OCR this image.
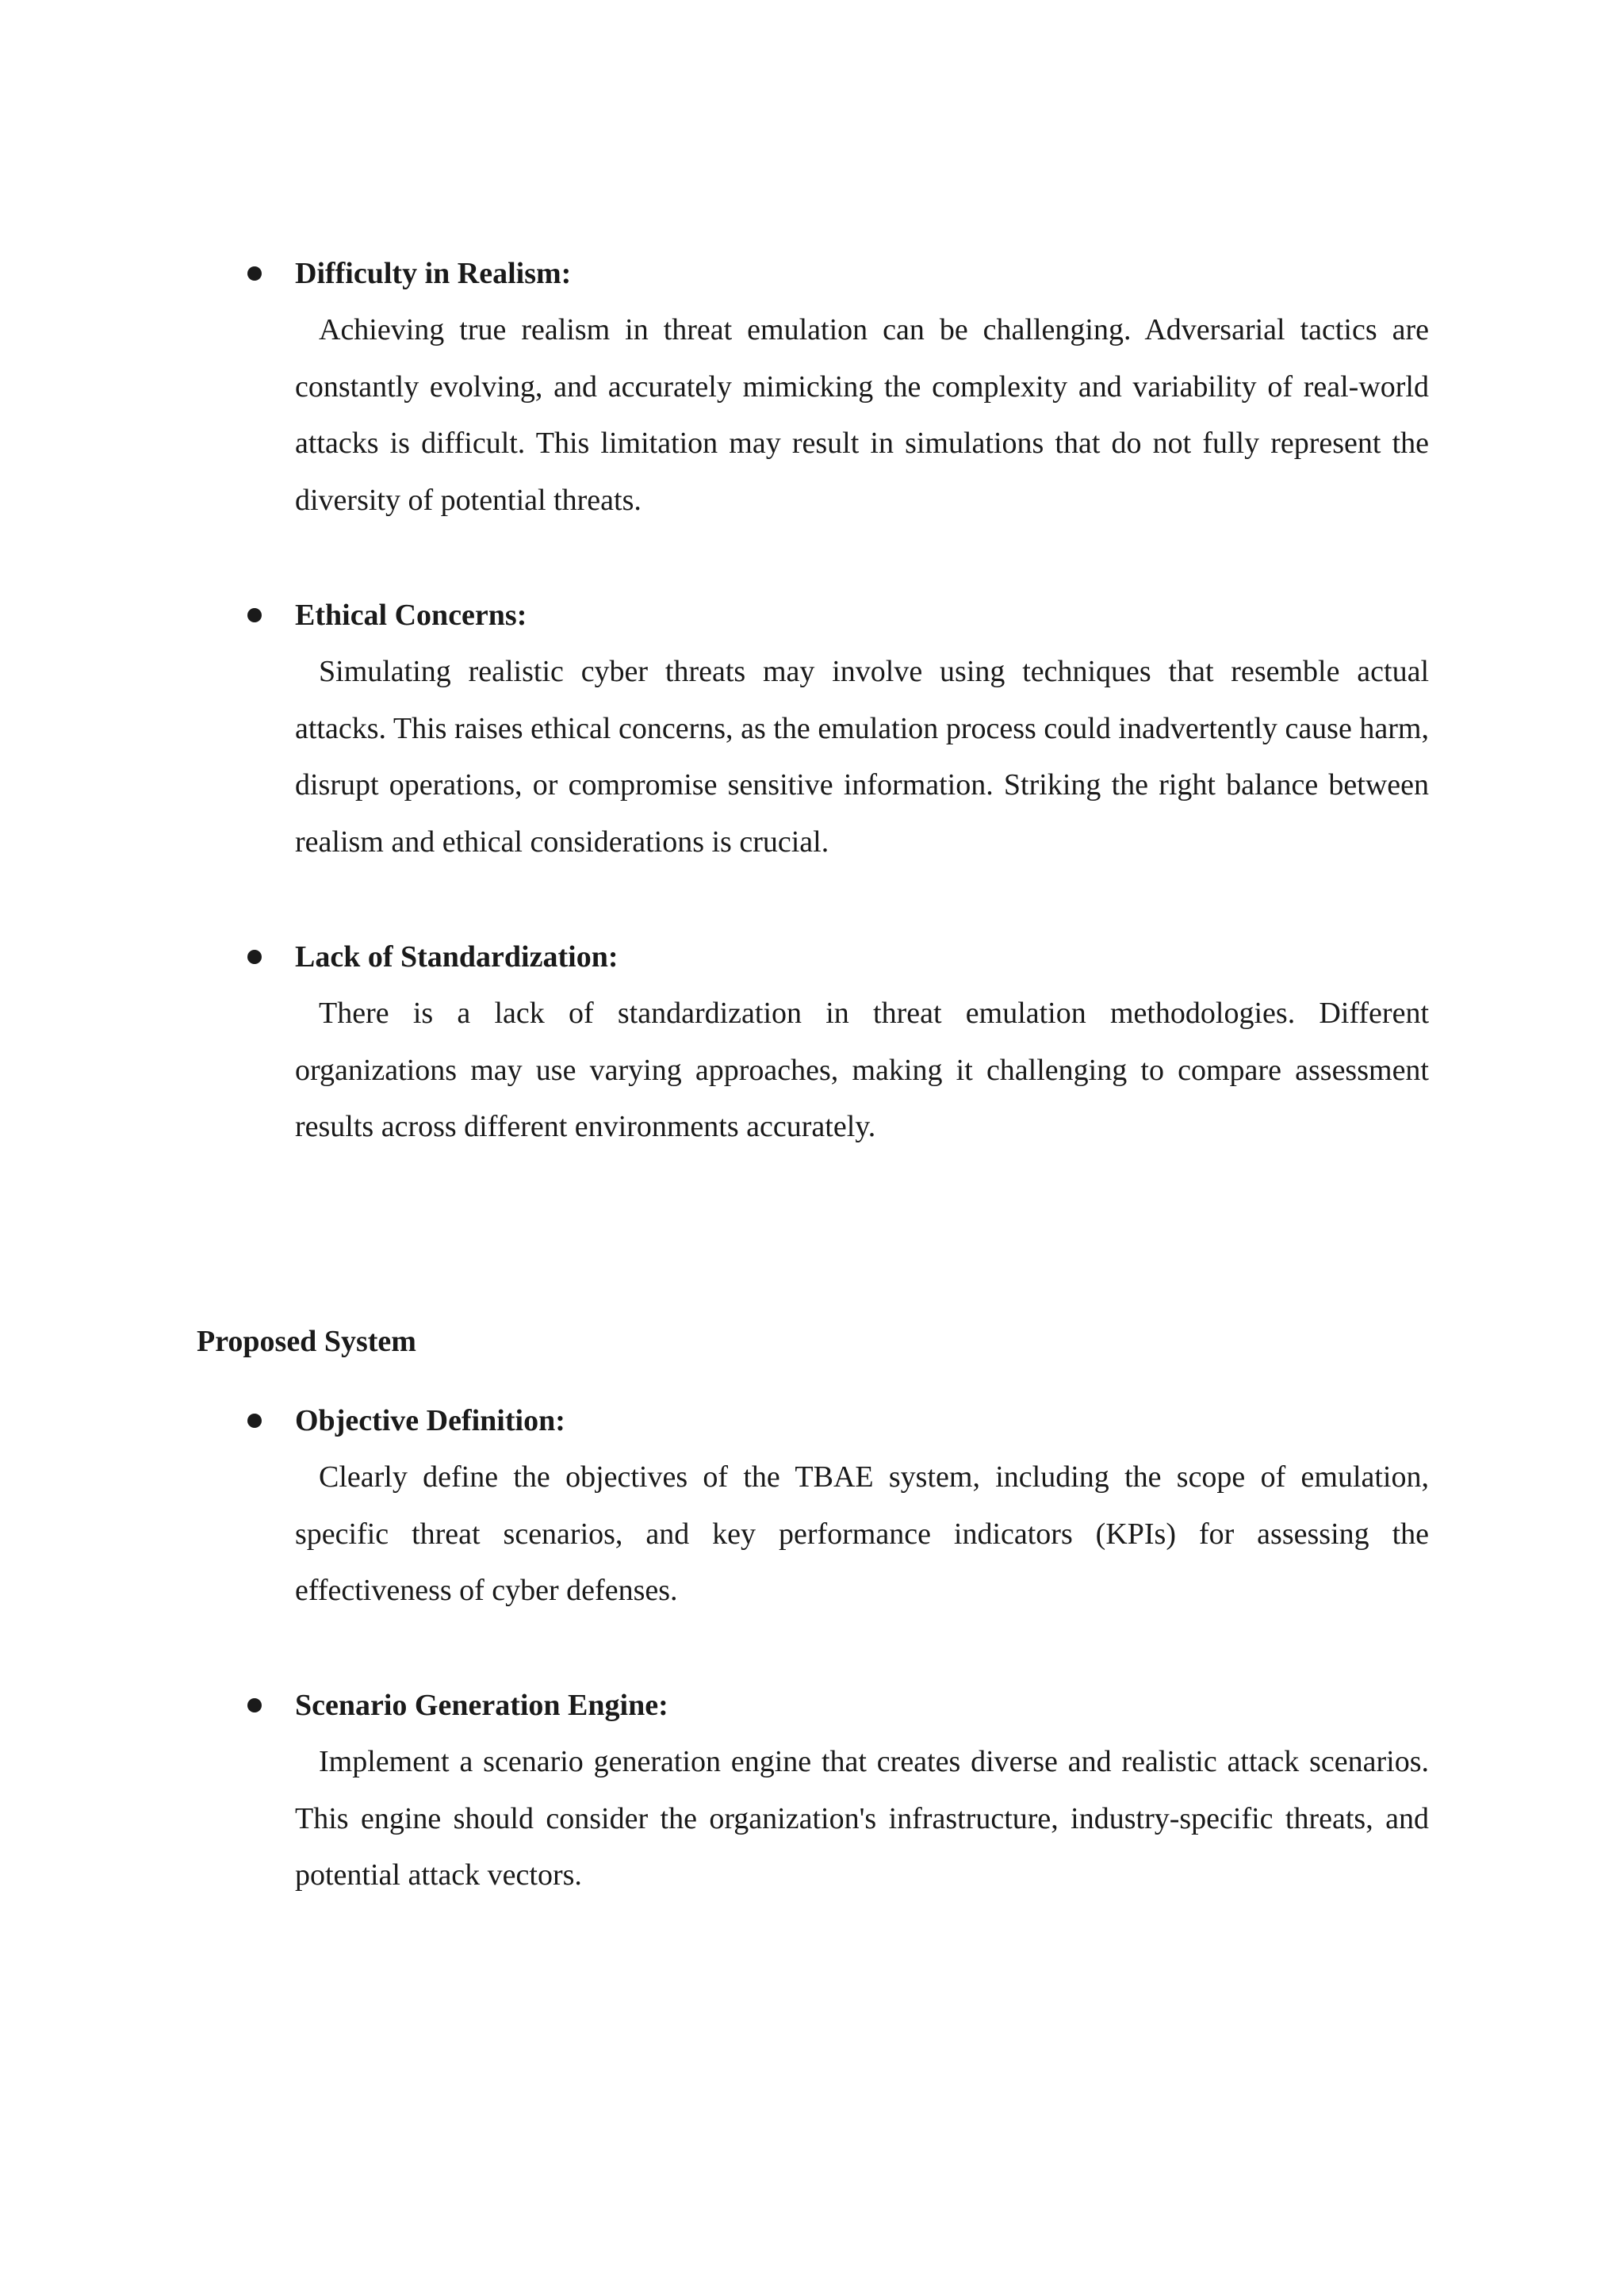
Difficulty in Realism:
Achieving true realism in threat emulation can be challenging. Adversarial tactics are constantly evolving, and accurately mimicking the complexity and variability of real-world attacks is difficult. This limitation may result in simulations that do not fully represent the diversity of potential threats.
Ethical Concerns:
Simulating realistic cyber threats may involve using techniques that resemble actual attacks. This raises ethical concerns, as the emulation process could inadvertently cause harm, disrupt operations, or compromise sensitive information. Striking the right balance between realism and ethical considerations is crucial.
Lack of Standardization:
There is a lack of standardization in threat emulation methodologies. Different organizations may use varying approaches, making it challenging to compare assessment results across different environments accurately.
Proposed System
Objective Definition:
Clearly define the objectives of the TBAE system, including the scope of emulation, specific threat scenarios, and key performance indicators (KPIs) for assessing the effectiveness of cyber defenses.
Scenario Generation Engine:
Implement a scenario generation engine that creates diverse and realistic attack scenarios. This engine should consider the organization's infrastructure, industry-specific threats, and potential attack vectors.
